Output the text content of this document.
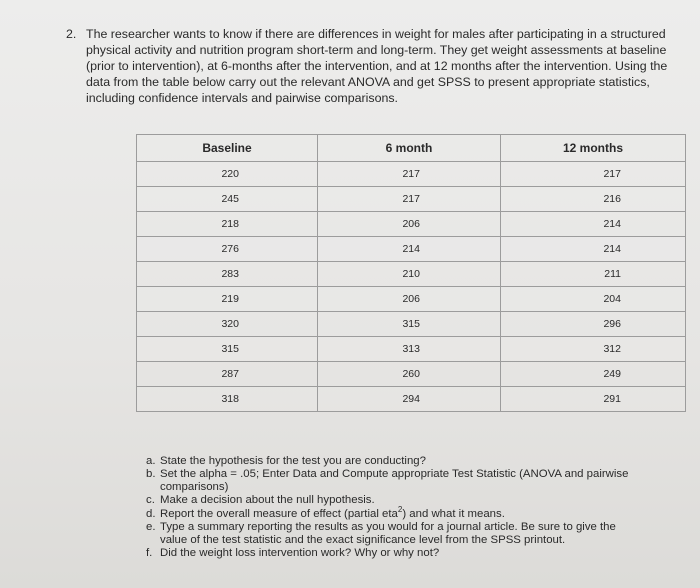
2. The researcher wants to know if there are differences in weight for males after participating in a structured physical activity and nutrition program short-term and long-term. They get weight assessments at baseline (prior to intervention), at 6-months after the intervention, and at 12 months after the intervention. Using the data from the table below carry out the relevant ANOVA and get SPSS to present appropriate statistics, including confidence intervals and pairwise comparisons.
Baseline	6 month	12 months
220	217	217
245	217	216
218	206	214
276	214	214
283	210	211
219	206	204
320	315	296
315	313	312
287	260	249
318	294	291
a. State the hypothesis for the test you are conducting?
b. Set the alpha = .05; Enter Data and Compute appropriate Test Statistic (ANOVA and pairwise comparisons)
c. Make a decision about the null hypothesis.
d. Report the overall measure of effect (partial eta$^2$) and what it means.
e. Type a summary reporting the results as you would for a journal article. Be sure to give the value of the test statistic and the exact significance level from the SPSS printout.
f. Did the weight loss intervention work? Why or why not?
